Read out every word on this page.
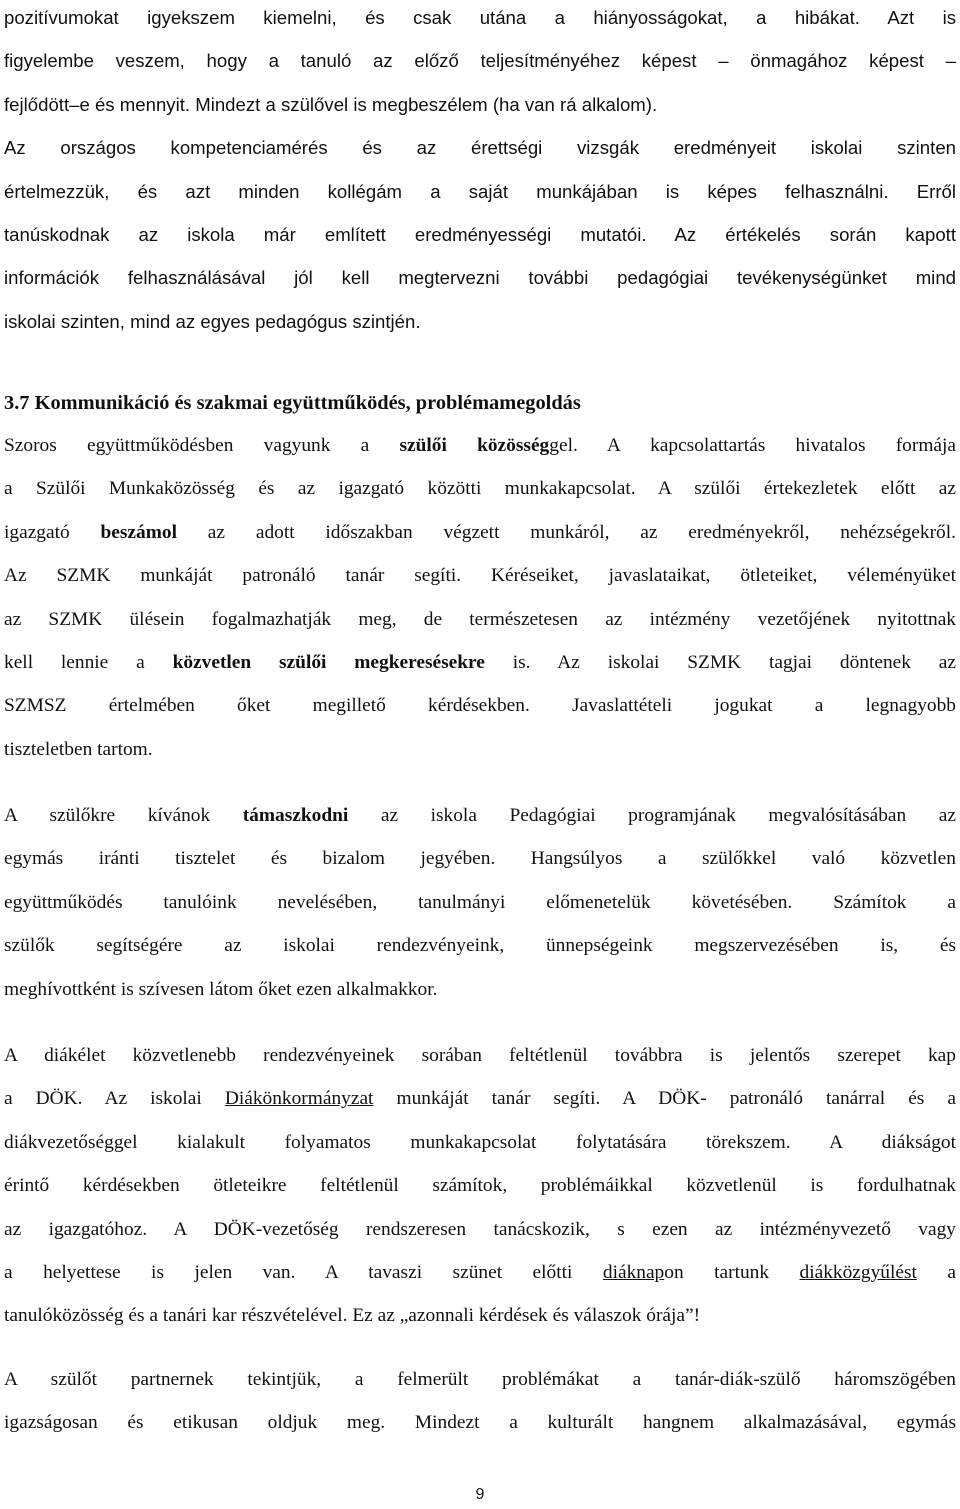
pozitívumokat igyekszem kiemelni, és csak utána a hiányosságokat, a hibákat. Azt is
figyelembe veszem, hogy a tanuló az előző teljesítményéhez képest – önmagához képest –
fejlődött–e és mennyit. Mindezt a szülővel is megbeszélem (ha van rá alkalom).
Az országos kompetenciamérés és az érettségi vizsgák eredményeit iskolai szinten
értelmezzük, és azt minden kollégám a saját munkájában is képes felhasználni. Erről
tanúskodnak az iskola már említett eredményességi mutatói. Az értékelés során kapott
információk felhasználásával jól kell megtervezni további pedagógiai tevékenységünket mind
iskolai szinten, mind az egyes pedagógus szintjén.
3.7 Kommunikáció és szakmai együttműködés, problémamegoldás
Szoros együttműködésben vagyunk a szülői közösséggel. A kapcsolattartás hivatalos formája
a Szülői Munkaközösség és az igazgató közötti munkakapcsolat. A szülői értekezletek előtt az
igazgató beszámol az adott időszakban végzett munkáról, az eredményekről, nehézségekről.
Az SZMK munkáját patronáló tanár segíti. Kéréseiket, javaslataikat, ötleteiket, véleményüket
az SZMK ülésein fogalmazhatják meg, de természetesen az intézmény vezetőjének nyitottnak
kell lennie a közvetlen szülői megkeresésekre is. Az iskolai SZMK tagjai döntenek az
SZMSZ értelmében őket megillető kérdésekben. Javaslattételi jogukat a legnagyobb
tiszteletben tartom.
A szülőkre kívánok támaszkodni az iskola Pedagógiai programjának megvalósításában az
egymás iránti tisztelet és bizalom jegyében. Hangsúlyos a szülőkkel való közvetlen
együttműködés tanulóink nevelésében, tanulmányi előmenetelük követésében. Számítok a
szülők segítségére az iskolai rendezvényeink, ünnepségeink megszervezésében is, és
meghívottként is szívesen látom őket ezen alkalmakkor.
A diákélet közvetlenebb rendezvényeinek sorában feltétlenül továbbra is jelentős szerepet kap
a DÖK. Az iskolai Diákönkormányzat munkáját tanár segíti. A DÖK- patronáló tanárral és a
diákvezetőséggel kialakult folyamatos munkakapcsolat folytatására törekszem. A diákságot
érintő kérdésekben ötleteikre feltétlenül számítok, problémáikkal közvetlenül is fordulhatnak
az igazgatóhoz. A DÖK-vezetőség rendszeresen tanácskozik, s ezen az intézményvezető vagy
a helyettese is jelen van. A tavaszi szünet előtti diáknapon tartunk diákközgyűlést a
tanulóközösség és a tanári kar részvételével. Ez az „azonnali kérdések és válaszok órája”!
A szülőt partnernek tekintjük, a felmerült problémákat a tanár-diák-szülő háromszögében
igazságosan és etikusan oldjuk meg. Mindezt a kulturált hangnem alkalmazásával, egymás
9
